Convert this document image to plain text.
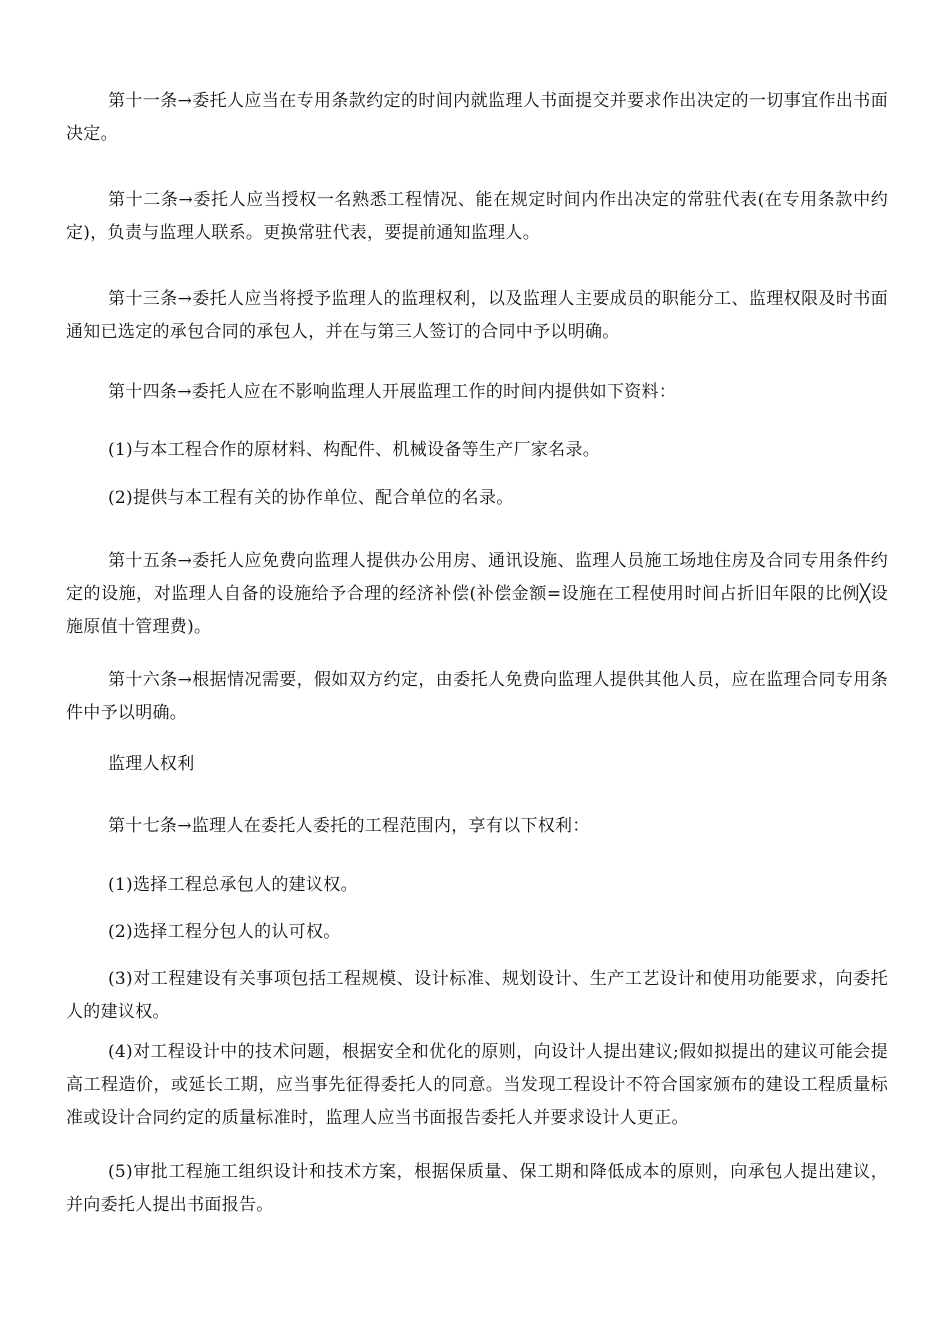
第十一条→委托人应当在专用条款约定的时间内就监理人书面提交并要求作出决定的一切事宜作出书面决定。

第十二条→委托人应当授权一名熟悉工程情况、能在规定时间内作出决定的常驻代表(在专用条款中约定)，负责与监理人联系。更换常驻代表，要提前通知监理人。

第十三条→委托人应当将授予监理人的监理权利，以及监理人主要成员的职能分工、监理权限及时书面通知已选定的承包合同的承包人，并在与第三人签订的合同中予以明确。

第十四条→委托人应在不影响监理人开展监理工作的时间内提供如下资料：

(1)与本工程合作的原材料、构配件、机械设备等生产厂家名录。

(2)提供与本工程有关的协作单位、配合单位的名录。

第十五条→委托人应免费向监理人提供办公用房、通讯设施、监理人员施工场地住房及合同专用条件约定的设施，对监理人自备的设施给予合理的经济补偿(补偿金额=设施在工程使用时间占折旧年限的比例╳设施原值十管理费)。

第十六条→根据情况需要，假如双方约定，由委托人免费向监理人提供其他人员，应在监理合同专用条件中予以明确。

监理人权利

第十七条→监理人在委托人委托的工程范围内，享有以下权利：

(1)选择工程总承包人的建议权。

(2)选择工程分包人的认可权。

(3)对工程建设有关事项包括工程规模、设计标准、规划设计、生产工艺设计和使用功能要求，向委托人的建议权。

(4)对工程设计中的技术问题，根据安全和优化的原则，向设计人提出建议;假如拟提出的建议可能会提高工程造价，或延长工期，应当事先征得委托人的同意。当发现工程设计不符合国家颁布的建设工程质量标准或设计合同约定的质量标准时，监理人应当书面报告委托人并要求设计人更正。

(5)审批工程施工组织设计和技术方案，根据保质量、保工期和降低成本的原则，向承包人提出建议，并向委托人提出书面报告。
